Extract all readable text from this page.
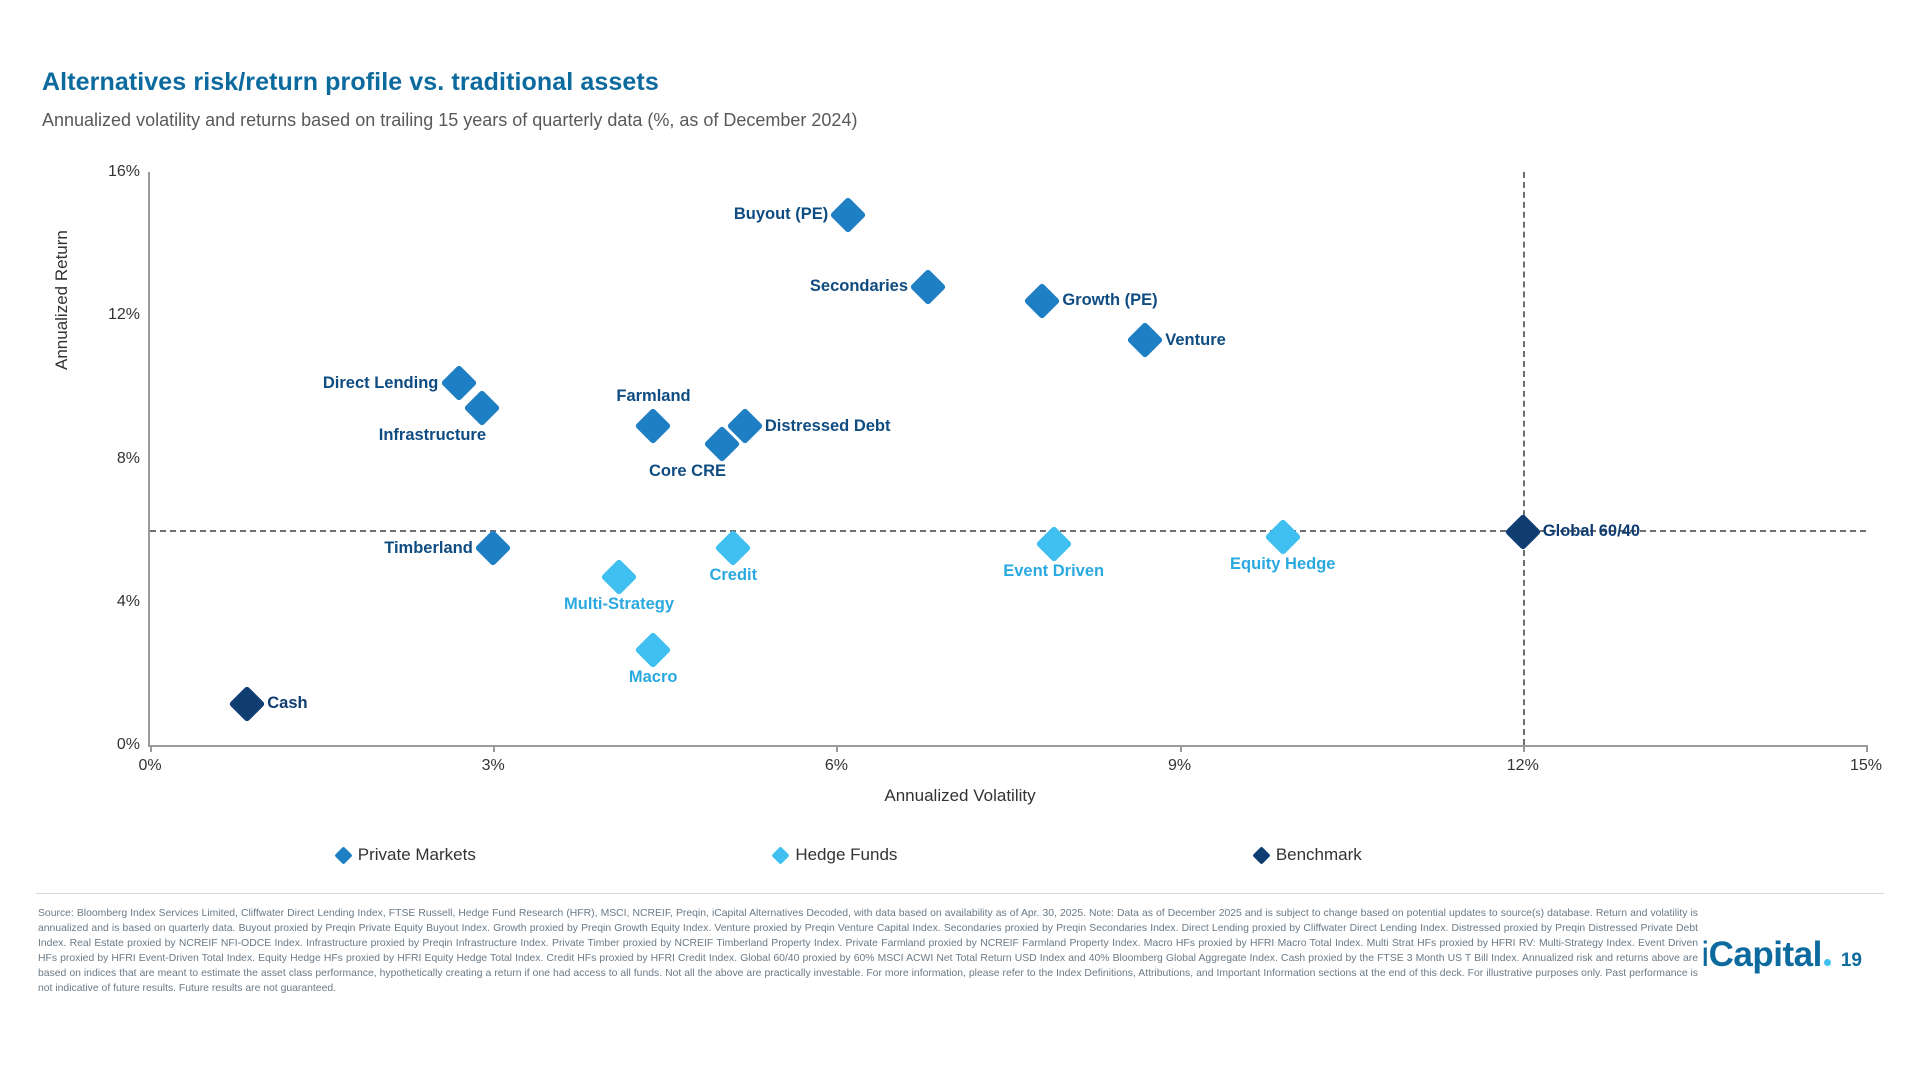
Alternatives risk/return profile vs. traditional assets
Annualized volatility and returns based on trailing 15 years of quarterly data (%, as of December 2024)
Annualized Return
Annualized Volatility
0%
4%
8%
12%
16%
0%	3%	6%	9%	12%	15%
Buyout (PE)
Secondaries
Growth (PE)
Venture
Direct Lending
Infrastructure
Farmland
Distressed Debt
Core CRE
Timberland
Credit	Event Driven	Equity Hedge
Multi-Strategy
Macro
Global 60/40
Cash
Private Markets	Hedge Funds	Benchmark
Source: Bloomberg Index Services Limited, Cliffwater Direct Lending Index, FTSE Russell, Hedge Fund Research (HFR), MSCI, NCREIF, Preqin, iCapital Alternatives Decoded, with data based on availability as of Apr. 30, 2025. Note: Data as of December 2025 and is subject to change based on potential updates to source(s) database. Return and volatility is annualized and is based on quarterly data. Buyout proxied by Preqin Private Equity Buyout Index. Growth proxied by Preqin Growth Equity Index. Venture proxied by Preqin Venture Capital Index. Secondaries proxied by Preqin Secondaries Index. Direct Lending proxied by Cliffwater Direct Lending Index. Distressed proxied by Preqin Distressed Private Debt Index. Real Estate proxied by NCREIF NFI-ODCE Index. Infrastructure proxied by Preqin Infrastructure Index. Private Timber proxied by NCREIF Timberland Property Index. Private Farmland proxied by NCREIF Farmland Property Index. Macro HFs proxied by HFRI Macro Total Index. Multi Strat HFs proxied by HFRI RV: Multi-Strategy Index. Event Driven HFs proxied by HFRI Event-Driven Total Index. Equity Hedge HFs proxied by HFRI Equity Hedge Total Index. Credit HFs proxied by HFRI Credit Index. Global 60/40 proxied by 60% MSCI ACWI Net Total Return USD Index and 40% Bloomberg Global Aggregate Index. Cash proxied by the FTSE 3 Month US T Bill Index. Annualized risk and returns above are based on indices that are meant to estimate the asset class performance, hypothetically creating a return if one had access to all funds. Not all the above are practically investable. For more information, please refer to the Index Definitions, Attributions, and Important Information sections at the end of this deck. For illustrative purposes only. Past performance is not indicative of future results. Future results are not guaranteed.
iCapital	19
